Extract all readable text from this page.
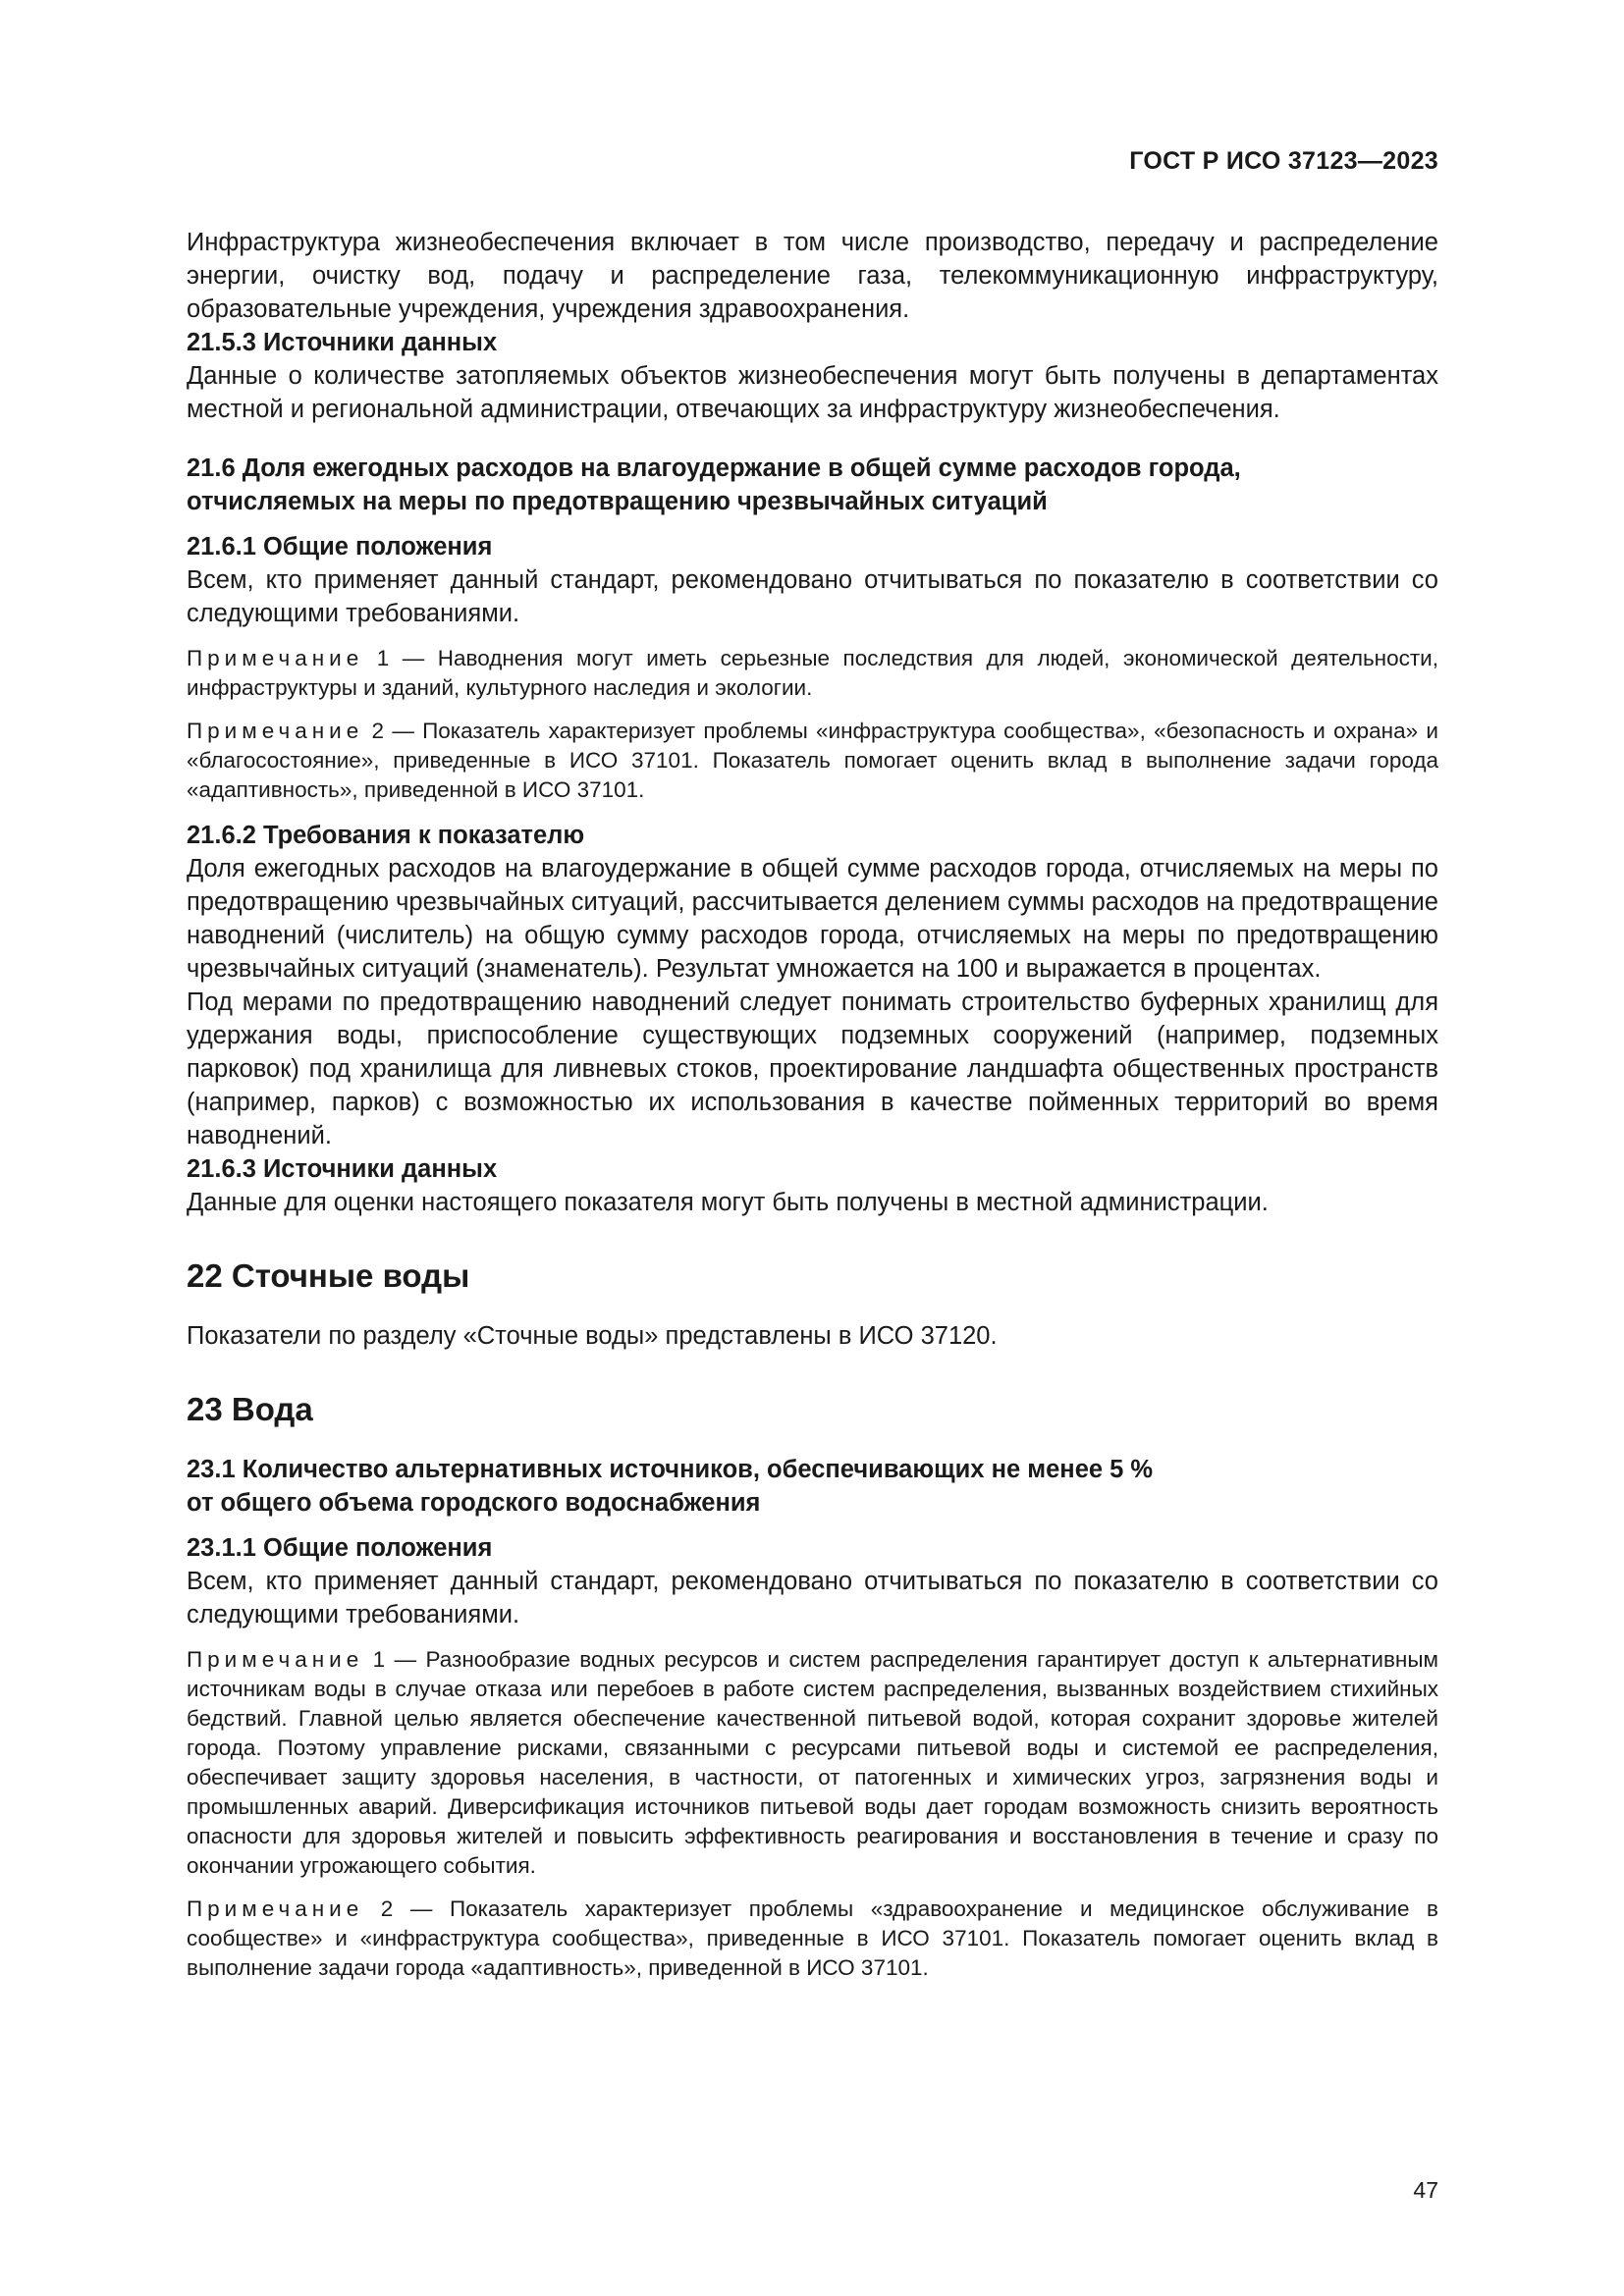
ГОСТ Р ИСО 37123—2023

Инфраструктура жизнеобеспечения включает в том числе производство, передачу и распределение энергии, очистку вод, подачу и распределение газа, телекоммуникационную инфраструктуру, образовательные учреждения, учреждения здравоохранения.

21.5.3 Источники данных

Данные о количестве затопляемых объектов жизнеобеспечения могут быть получены в департаментах местной и региональной администрации, отвечающих за инфраструктуру жизнеобеспечения.

21.6 Доля ежегодных расходов на влагоудержание в общей сумме расходов города,
отчисляемых на меры по предотвращению чрезвычайных ситуаций

21.6.1 Общие положения

Всем, кто применяет данный стандарт, рекомендовано отчитываться по показателю в соответствии со следующими требованиями.

Примечание 1 — Наводнения могут иметь серьезные последствия для людей, экономической деятельности, инфраструктуры и зданий, культурного наследия и экологии.

Примечание 2 — Показатель характеризует проблемы «инфраструктура сообщества», «безопасность и охрана» и «благосостояние», приведенные в ИСО 37101. Показатель помогает оценить вклад в выполнение задачи города «адаптивность», приведенной в ИСО 37101.

21.6.2 Требования к показателю

Доля ежегодных расходов на влагоудержание в общей сумме расходов города, отчисляемых на меры по предотвращению чрезвычайных ситуаций, рассчитывается делением суммы расходов на предотвращение наводнений (числитель) на общую сумму расходов города, отчисляемых на меры по предотвращению чрезвычайных ситуаций (знаменатель). Результат умножается на 100 и выражается в процентах.

Под мерами по предотвращению наводнений следует понимать строительство буферных хранилищ для удержания воды, приспособление существующих подземных сооружений (например, подземных парковок) под хранилища для ливневых стоков, проектирование ландшафта общественных пространств (например, парков) с возможностью их использования в качестве пойменных территорий во время наводнений.

21.6.3 Источники данных

Данные для оценки настоящего показателя могут быть получены в местной администрации.

22 Сточные воды

Показатели по разделу «Сточные воды» представлены в ИСО 37120.

23 Вода

23.1 Количество альтернативных источников, обеспечивающих не менее 5 %
от общего объема городского водоснабжения

23.1.1 Общие положения

Всем, кто применяет данный стандарт, рекомендовано отчитываться по показателю в соответствии со следующими требованиями.

Примечание 1 — Разнообразие водных ресурсов и систем распределения гарантирует доступ к альтернативным источникам воды в случае отказа или перебоев в работе систем распределения, вызванных воздействием стихийных бедствий. Главной целью является обеспечение качественной питьевой водой, которая сохранит здоровье жителей города. Поэтому управление рисками, связанными с ресурсами питьевой воды и системой ее распределения, обеспечивает защиту здоровья населения, в частности, от патогенных и химических угроз, загрязнения воды и промышленных аварий. Диверсификация источников питьевой воды дает городам возможность снизить вероятность опасности для здоровья жителей и повысить эффективность реагирования и восстановления в течение и сразу по окончании угрожающего события.

Примечание 2 — Показатель характеризует проблемы «здравоохранение и медицинское обслуживание в сообществе» и «инфраструктура сообщества», приведенные в ИСО 37101. Показатель помогает оценить вклад в выполнение задачи города «адаптивность», приведенной в ИСО 37101.

47
